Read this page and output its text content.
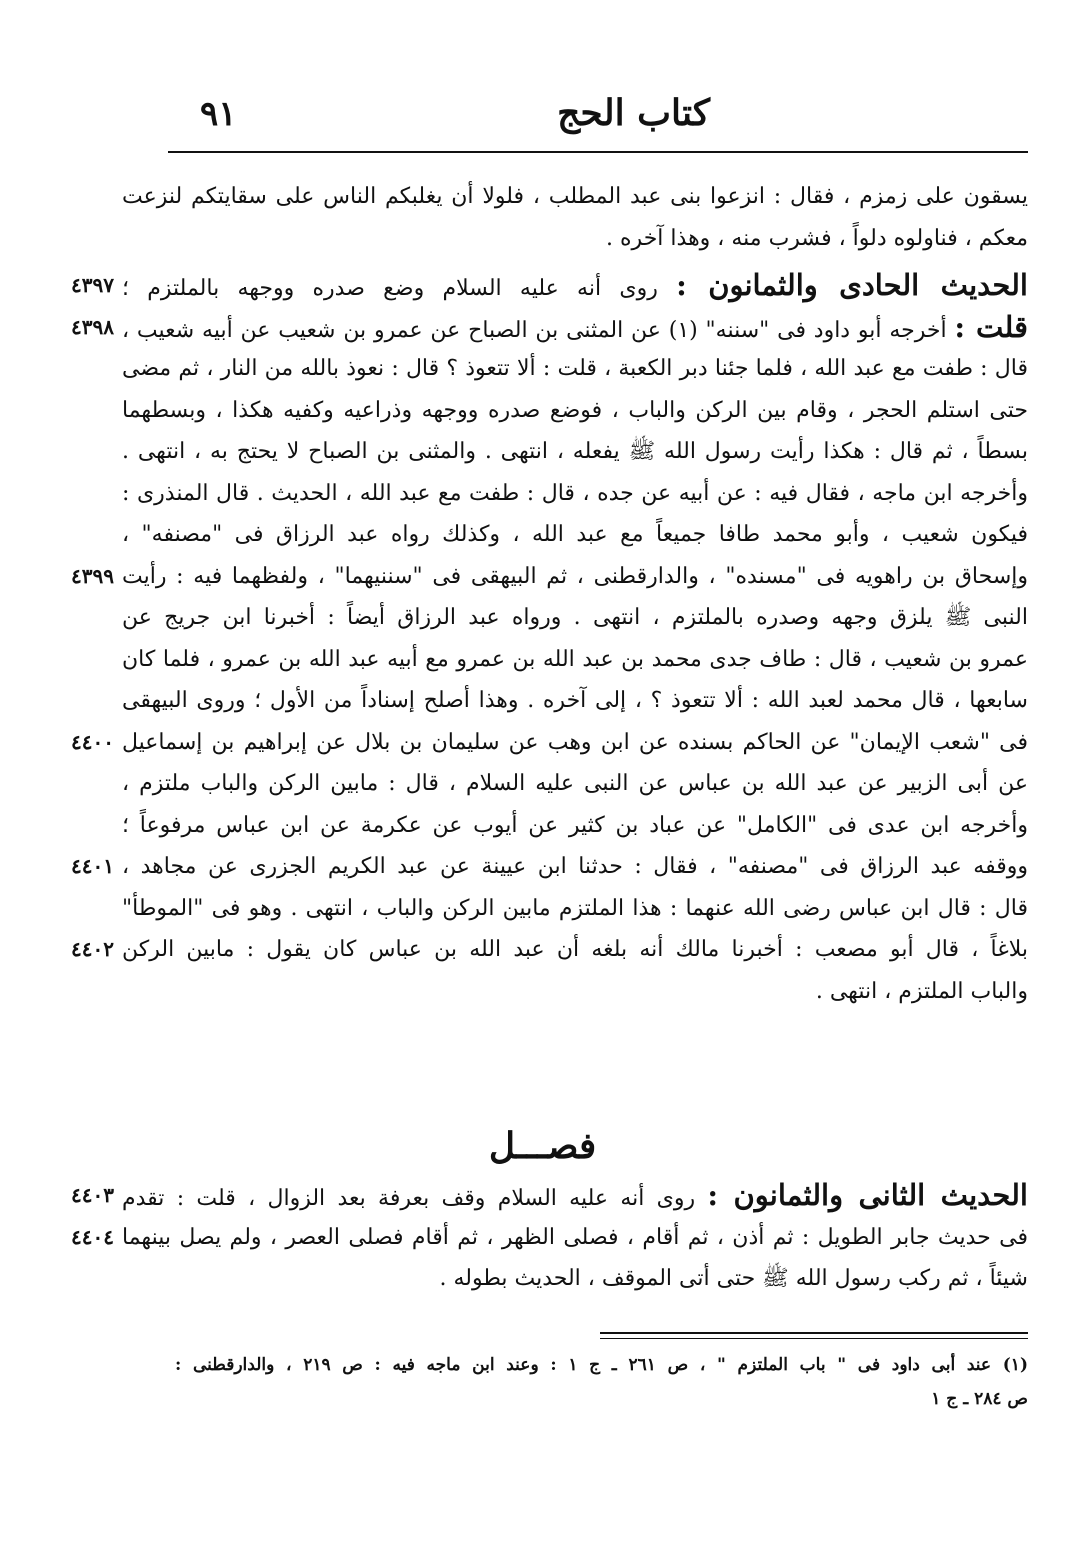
كتاب الحج
٩١
يسقون على زمزم ، فقال : انزعوا بنى عبد المطلب ، فلولا أن يغلبكم الناس على سقايتكم لنزعت
معكم ، فناولوه دلواً ، فشرب منه ، وهذا آخره .
الحديث الحادى والثمانون : روى أنه عليه السلام وضع صدره ووجهه بالملتزم ؛
٤٣٩٧
قلت : أخرجه أبو داود فى "سننه" (١) عن المثنى بن الصباح عن عمرو بن شعيب عن أبيه شعيب ،
٤٣٩٨
قال : طفت مع عبد الله ، فلما جئنا دبر الكعبة ، قلت : ألا تتعوذ ؟ قال : نعوذ بالله من النار ، ثم مضى
حتى استلم الحجر ، وقام بين الركن والباب ، فوضع صدره ووجهه وذراعيه وكفيه هكذا ، وبسطهما
بسطاً ، ثم قال : هكذا رأيت رسول الله ﷺ يفعله ، انتهى . والمثنى بن الصباح لا يحتج به ، انتهى .
وأخرجه ابن ماجه ، فقال فيه : عن أبيه عن جده ، قال : طفت مع عبد الله ، الحديث . قال المنذرى :
فيكون شعيب ، وأبو محمد طافا جميعاً مع عبد الله ، وكذلك رواه عبد الرزاق فى "مصنفه" ،
وإسحاق بن راهويه فى "مسنده" ، والدارقطنى ، ثم البيهقى فى "سننيهما" ، ولفظهما فيه : رأيت
٤٣٩٩
النبى ﷺ يلزق وجهه وصدره بالملتزم ، انتهى . ورواه عبد الرزاق أيضاً : أخبرنا ابن جريج عن
عمرو بن شعيب ، قال : طاف جدى محمد بن عبد الله بن عمرو مع أبيه عبد الله بن عمرو ، فلما كان
سابعها ، قال محمد لعبد الله : ألا تتعوذ ؟ ، إلى آخره . وهذا أصلح إسناداً من الأول ؛ وروى البيهقى
فى "شعب الإيمان" عن الحاكم بسنده عن ابن وهب عن سليمان بن بلال عن إبراهيم بن إسماعيل
٤٤٠٠
عن أبى الزبير عن عبد الله بن عباس عن النبى عليه السلام ، قال : مابين الركن والباب ملتزم ،
وأخرجه ابن عدى فى "الكامل" عن عباد بن كثير عن أيوب عن عكرمة عن ابن عباس مرفوعاً ؛
ووقفه عبد الرزاق فى "مصنفه" ، فقال : حدثنا ابن عيينة عن عبد الكريم الجزرى عن مجاهد ،
٤٤٠١
قال : قال ابن عباس رضى الله عنهما : هذا الملتزم مابين الركن والباب ، انتهى . وهو فى "الموطأ"
بلاغاً ، قال أبو مصعب : أخبرنا مالك أنه بلغه أن عبد الله بن عباس كان يقول : مابين الركن
٤٤٠٢
والباب الملتزم ، انتهى .
فصـــل
الحديث الثانى والثمانون : روى أنه عليه السلام وقف بعرفة بعد الزوال ، قلت : تقدم
٤٤٠٣
فى حديث جابر الطويل : ثم أذن ، ثم أقام ، فصلى الظهر ، ثم أقام فصلى العصر ، ولم يصل بينهما
٤٤٠٤
شيئاً ، ثم ركب رسول الله ﷺ حتى أتى الموقف ، الحديث بطوله .
(١) عند أبى داود فى " باب الملتزم " ، ص ٢٦١ ـ ج ١ : وعند ابن ماجه فيه : ص ٢١٩ ، والدارقطنى :
ص ٢٨٤ ـ ج ١
